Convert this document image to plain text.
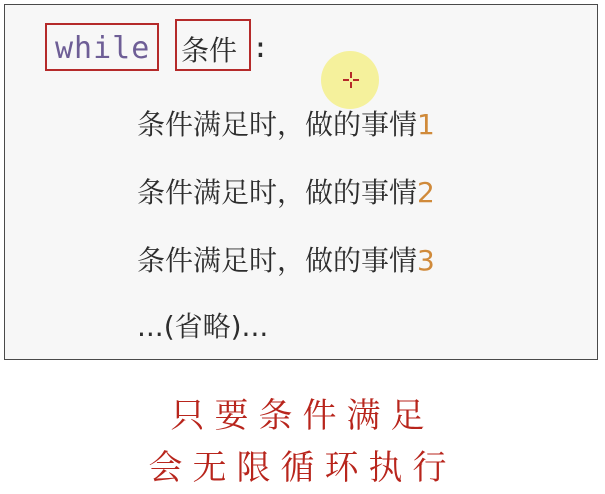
while 条件 :
条件满足时，做的事情1
条件满足时，做的事情2
条件满足时，做的事情3
...(省略)...
只要条件满足
会无限循环执行
